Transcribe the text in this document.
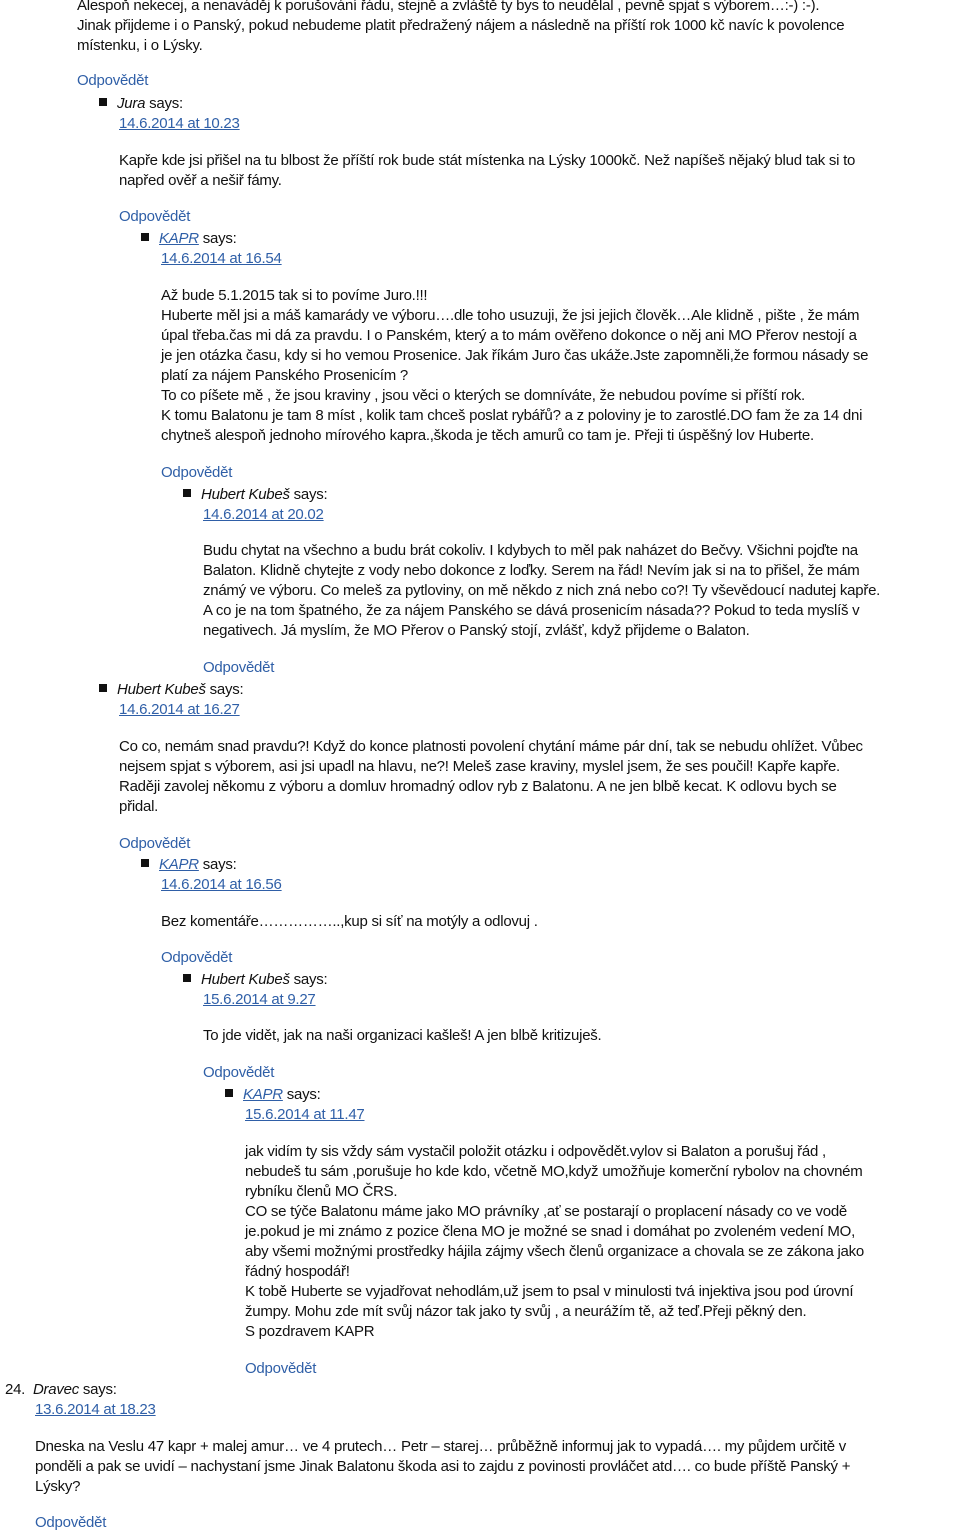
Alespoň nekecej, a nenaváděj k porušování řádu, stejně a zvláště ty bys to neudělal , pevně spjat s výborem…:-) :-).

Jinak přijdeme i o Panský, pokud nebudeme platit předražený nájem a následně na příští rok 1000 kč navíc k povolence

místenku, i o Lýsky.

Odpovědět
Jura says:
14.6.2014 at 10.23

Kapře kde jsi přišel na tu blbost že příští rok bude stát místenka na Lýsky 1000kč. Než napíšeš nějaký blud tak si to

napřed ověř a nešiř fámy.

Odpovědět
KAPR says:
14.6.2014 at 16.54

Až bude 5.1.2015 tak si to povíme Juro.!!!

Huberte měl jsi a máš kamarády ve výboru….dle toho usuzuji, že jsi jejich člověk…Ale klidně , pište , že mám

úpal třeba.čas mi dá za pravdu. I o Panském, který a to mám ověřeno dokonce o něj ani MO Přerov nestojí a

je jen otázka času, kdy si ho vemou Prosenice. Jak říkám Juro čas ukáže.Jste zapomněli,že formou násady se

platí za nájem Panského Prosenicím ?

To co píšete mě , že jsou kraviny , jsou věci o kterých se domníváte, že nebudou povíme si příští rok.

K tomu Balatonu je tam 8 míst , kolik tam chceš poslat rybářů? a z poloviny je to zarostlé.DO fam že za 14 dni

chytneš alespoň jednoho mírového kapra.,škoda je těch amurů co tam je. Přeji ti úspěšný lov Huberte.

Odpovědět
Hubert Kubeš says:
14.6.2014 at 20.02

Budu chytat na všechno a budu brát cokoliv. I kdybych to měl pak naházet do Bečvy. Všichni pojďte na

Balaton. Klidně chytejte z vody nebo dokonce z loďky. Serem na řád! Nevím jak si na to přišel, že mám

známý ve výboru. Co meleš za pytloviny, on mě někdo z nich zná nebo co?! Ty vševědoucí nadutej kapře.

A co je na tom špatného, že za nájem Panského se dává prosenicím násada?? Pokud to teda myslíš v

negativech. Já myslím, že MO Přerov o Panský stojí, zvlášť, když přijdeme o Balaton.

Odpovědět
Hubert Kubeš says:
14.6.2014 at 16.27

Co co, nemám snad pravdu?! Když do konce platnosti povolení chytání máme pár dní, tak se nebudu ohlížet. Vůbec

nejsem spjat s výborem, asi jsi upadl na hlavu, ne?! Meleš zase kraviny, myslel jsem, že ses poučil! Kapře kapře.

Raději zavolej někomu z výboru a domluv hromadný odlov ryb z Balatonu. A ne jen blbě kecat. K odlovu bych se

přidal.

Odpovědět
KAPR says:
14.6.2014 at 16.56

Bez komentáře……………..,kup si síť na motýly a odlovuj .

Odpovědět
Hubert Kubeš says:
15.6.2014 at 9.27

To jde vidět, jak na naši organizaci kašleš! A jen blbě kritizuješ.

Odpovědět
KAPR says:
15.6.2014 at 11.47

jak vidím ty sis vždy sám vystačil položit otázku i odpovědět.vylov si Balaton a porušuj řád ,

nebudeš tu sám ,porušuje ho kde kdo, včetně MO,když umožňuje komerční rybolov na chovném

rybníku členů MO ČRS.

CO se týče Balatonu máme jako MO právníky ,ať se postarají o proplacení násady co ve vodě

je.pokud je mi známo z pozice člena MO je možné se snad i domáhat po zvoleném vedení MO,

aby všemi možnými prostředky hájila zájmy všech členů organizace a chovala se ze zákona jako

řádný hospodář!

K tobě Huberte se vyjadřovat nehodlám,už jsem to psal v minulosti tvá injektiva jsou pod úrovní

žumpy. Mohu zde mít svůj názor tak jako ty svůj , a neurážím tě, až teď.Přeji pěkný den.

S pozdravem KAPR

Odpovědět
24. Dravec says:
13.6.2014 at 18.23

Dneska na Veslu 47 kapr + malej amur… ve 4 prutech… Petr – starej… průběžně informuj jak to vypadá…. my půjdem určitě v

ponděli a pak se uvidí – nachystaní jsme Jinak Balatonu škoda asi to zajdu z povinosti provláčet atd…. co bude příště Panský +

Lýsky?

Odpovědět
